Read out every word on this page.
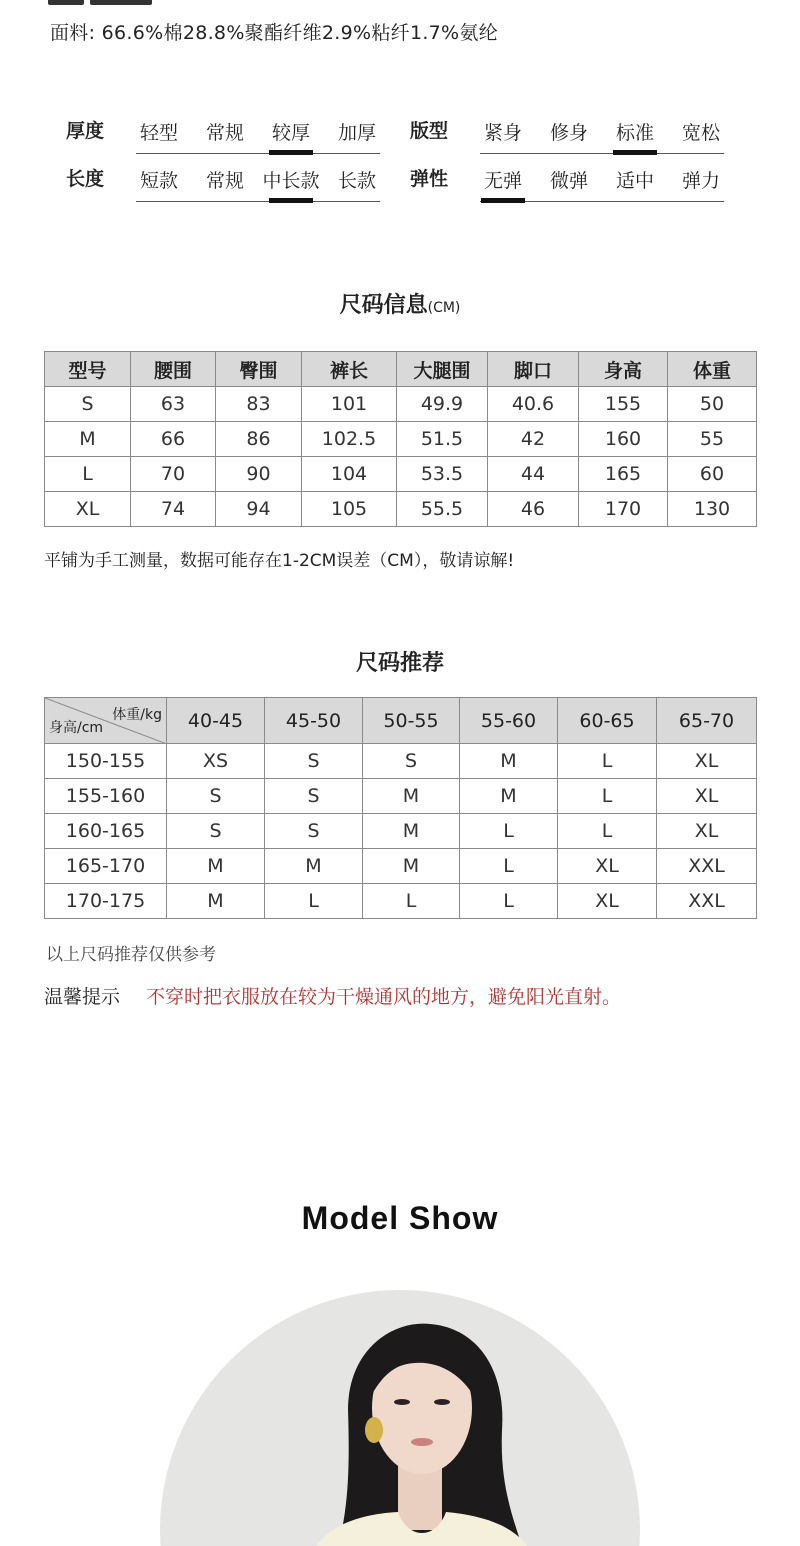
面料: 66.6%棉28.8%聚酯纤维2.9%粘纤1.7%氨纶
厚度	轻型	常规	较厚	加厚	版型	紧身	修身	标准	宽松
长度	短款	常规 中长款 长款	弹性	无弹	微弹	适中	弹力
尺码信息(CM)
型号	腰围	臀围	裤长	大腿围	脚口	身高	体重
S	63	83	101	49.9	40.6	155	50
M	66	86	102.5	51.5	42	160	55
L	70	90	104	53.5	44	165	60
XL	74	94	105	55.5	46	170	130
平铺为手工测量，数据可能存在1-2CM误差（CM），敬请谅解!
尺码推荐
体重/kg
身高/cm	40-45	45-50	50-55	55-60	60-65	65-70
150-155	XS	S	S	M	L	XL
155-160	S	S	M	M	L	XL
160-165	S	S	M	L	L	XL
165-170	M	M	M	L	XL	XXL
170-175	M	L	L	L	XL	XXL
以上尺码推荐仅供参考
温馨提示 不穿时把衣服放在较为干燥通风的地方，避免阳光直射。
Model Show
